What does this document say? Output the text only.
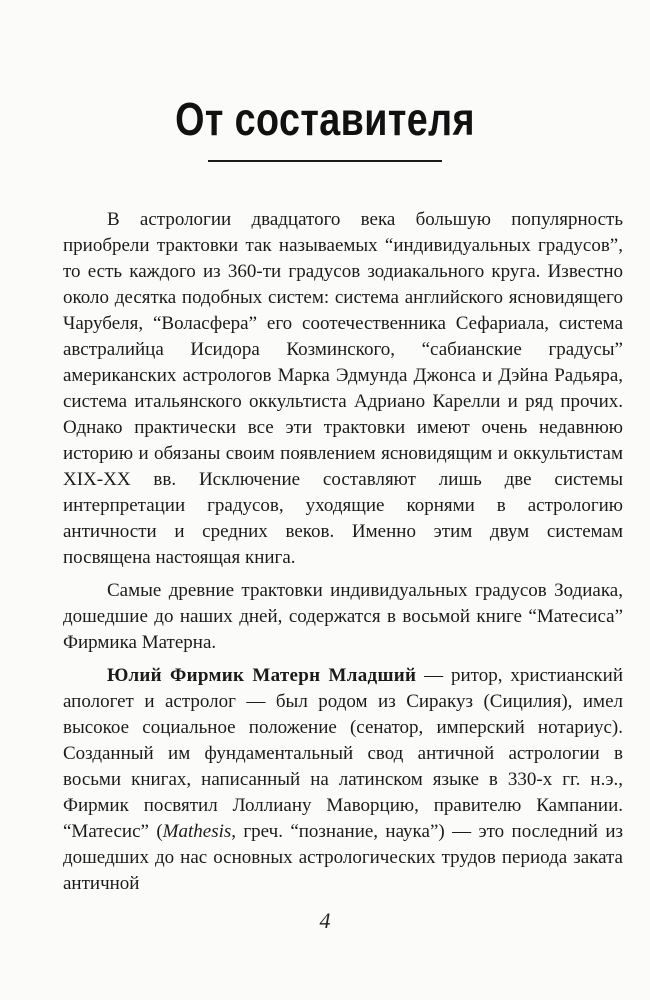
От составителя

В астрологии двадцатого века большую популярность приобрели трактовки так называемых “индивидуальных градусов”, то есть каждого из 360-ти градусов зодиакального круга. Известно около десятка подобных систем: система английского ясновидящего Чарубеля, “Воласфера” его соотечественника Сефариала, система австралийца Исидора Козминского, “сабианские градусы” американских астрологов Марка Эдмунда Джонса и Дэйна Радьяра, система итальянского оккультиста Адриано Карелли и ряд прочих. Однако практически все эти трактовки имеют очень недавнюю историю и обязаны своим появлением ясновидящим и оккультистам XIX-XX вв. Исключение составляют лишь две системы интерпретации градусов, уходящие корнями в астрологию античности и средних веков. Именно этим двум системам посвящена настоящая книга.

Самые древние трактовки индивидуальных градусов Зодиака, дошедшие до наших дней, содержатся в восьмой книге “Матесиса” Фирмика Матерна.

Юлий Фирмик Матерн Младший — ритор, христианский апологет и астролог — был родом из Сиракуз (Сицилия), имел высокое социальное положение (сенатор, имперский нотариус). Созданный им фундаментальный свод античной астрологии в восьми книгах, написанный на латинском языке в 330-х гг. н.э., Фирмик посвятил Лоллиану Маворцию, правителю Кампании. “Матесис” (Mathesis, греч. “познание, наука”) — это последний из дошедших до нас основных астрологических трудов периода заката античной

4
